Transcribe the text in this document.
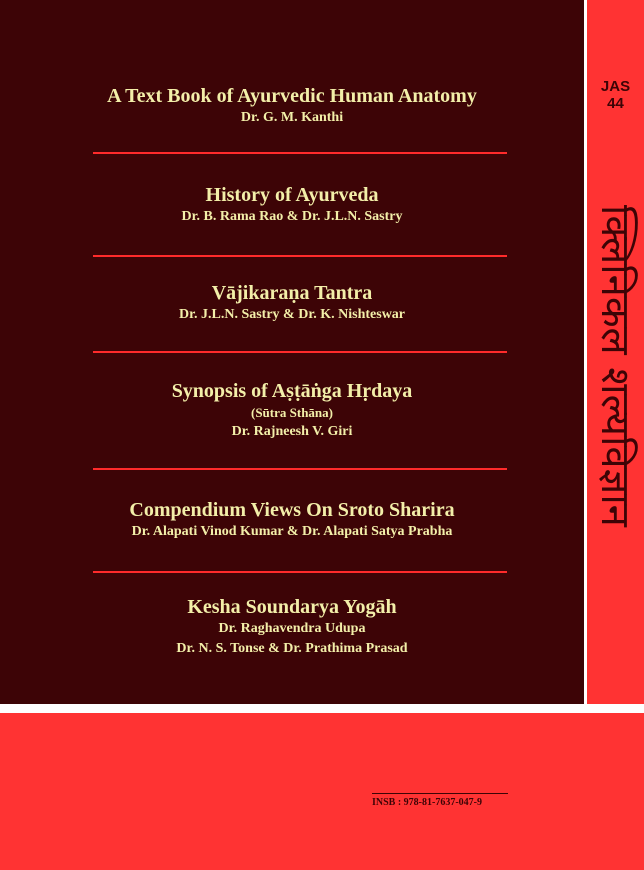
JAS
44
क्लिनिकल शल्यविज्ञान
A Text Book of Ayurvedic Human Anatomy
Dr. G. M. Kanthi
History of Ayurveda
Dr. B. Rama Rao & Dr. J.L.N. Sastry
Vājikaraṇa Tantra
Dr. J.L.N. Sastry & Dr. K. Nishteswar
Synopsis of Aṣṭāṅga Hṛdaya
(Sūtra Sthāna)
Dr. Rajneesh V. Giri
Compendium Views On Sroto Sharira
Dr. Alapati Vinod Kumar & Dr. Alapati Satya Prabha
Kesha Soundarya Yogāh
Dr. Raghavendra Udupa
Dr. N. S. Tonse & Dr. Prathima Prasad
INSB : 978-81-7637-047-9
